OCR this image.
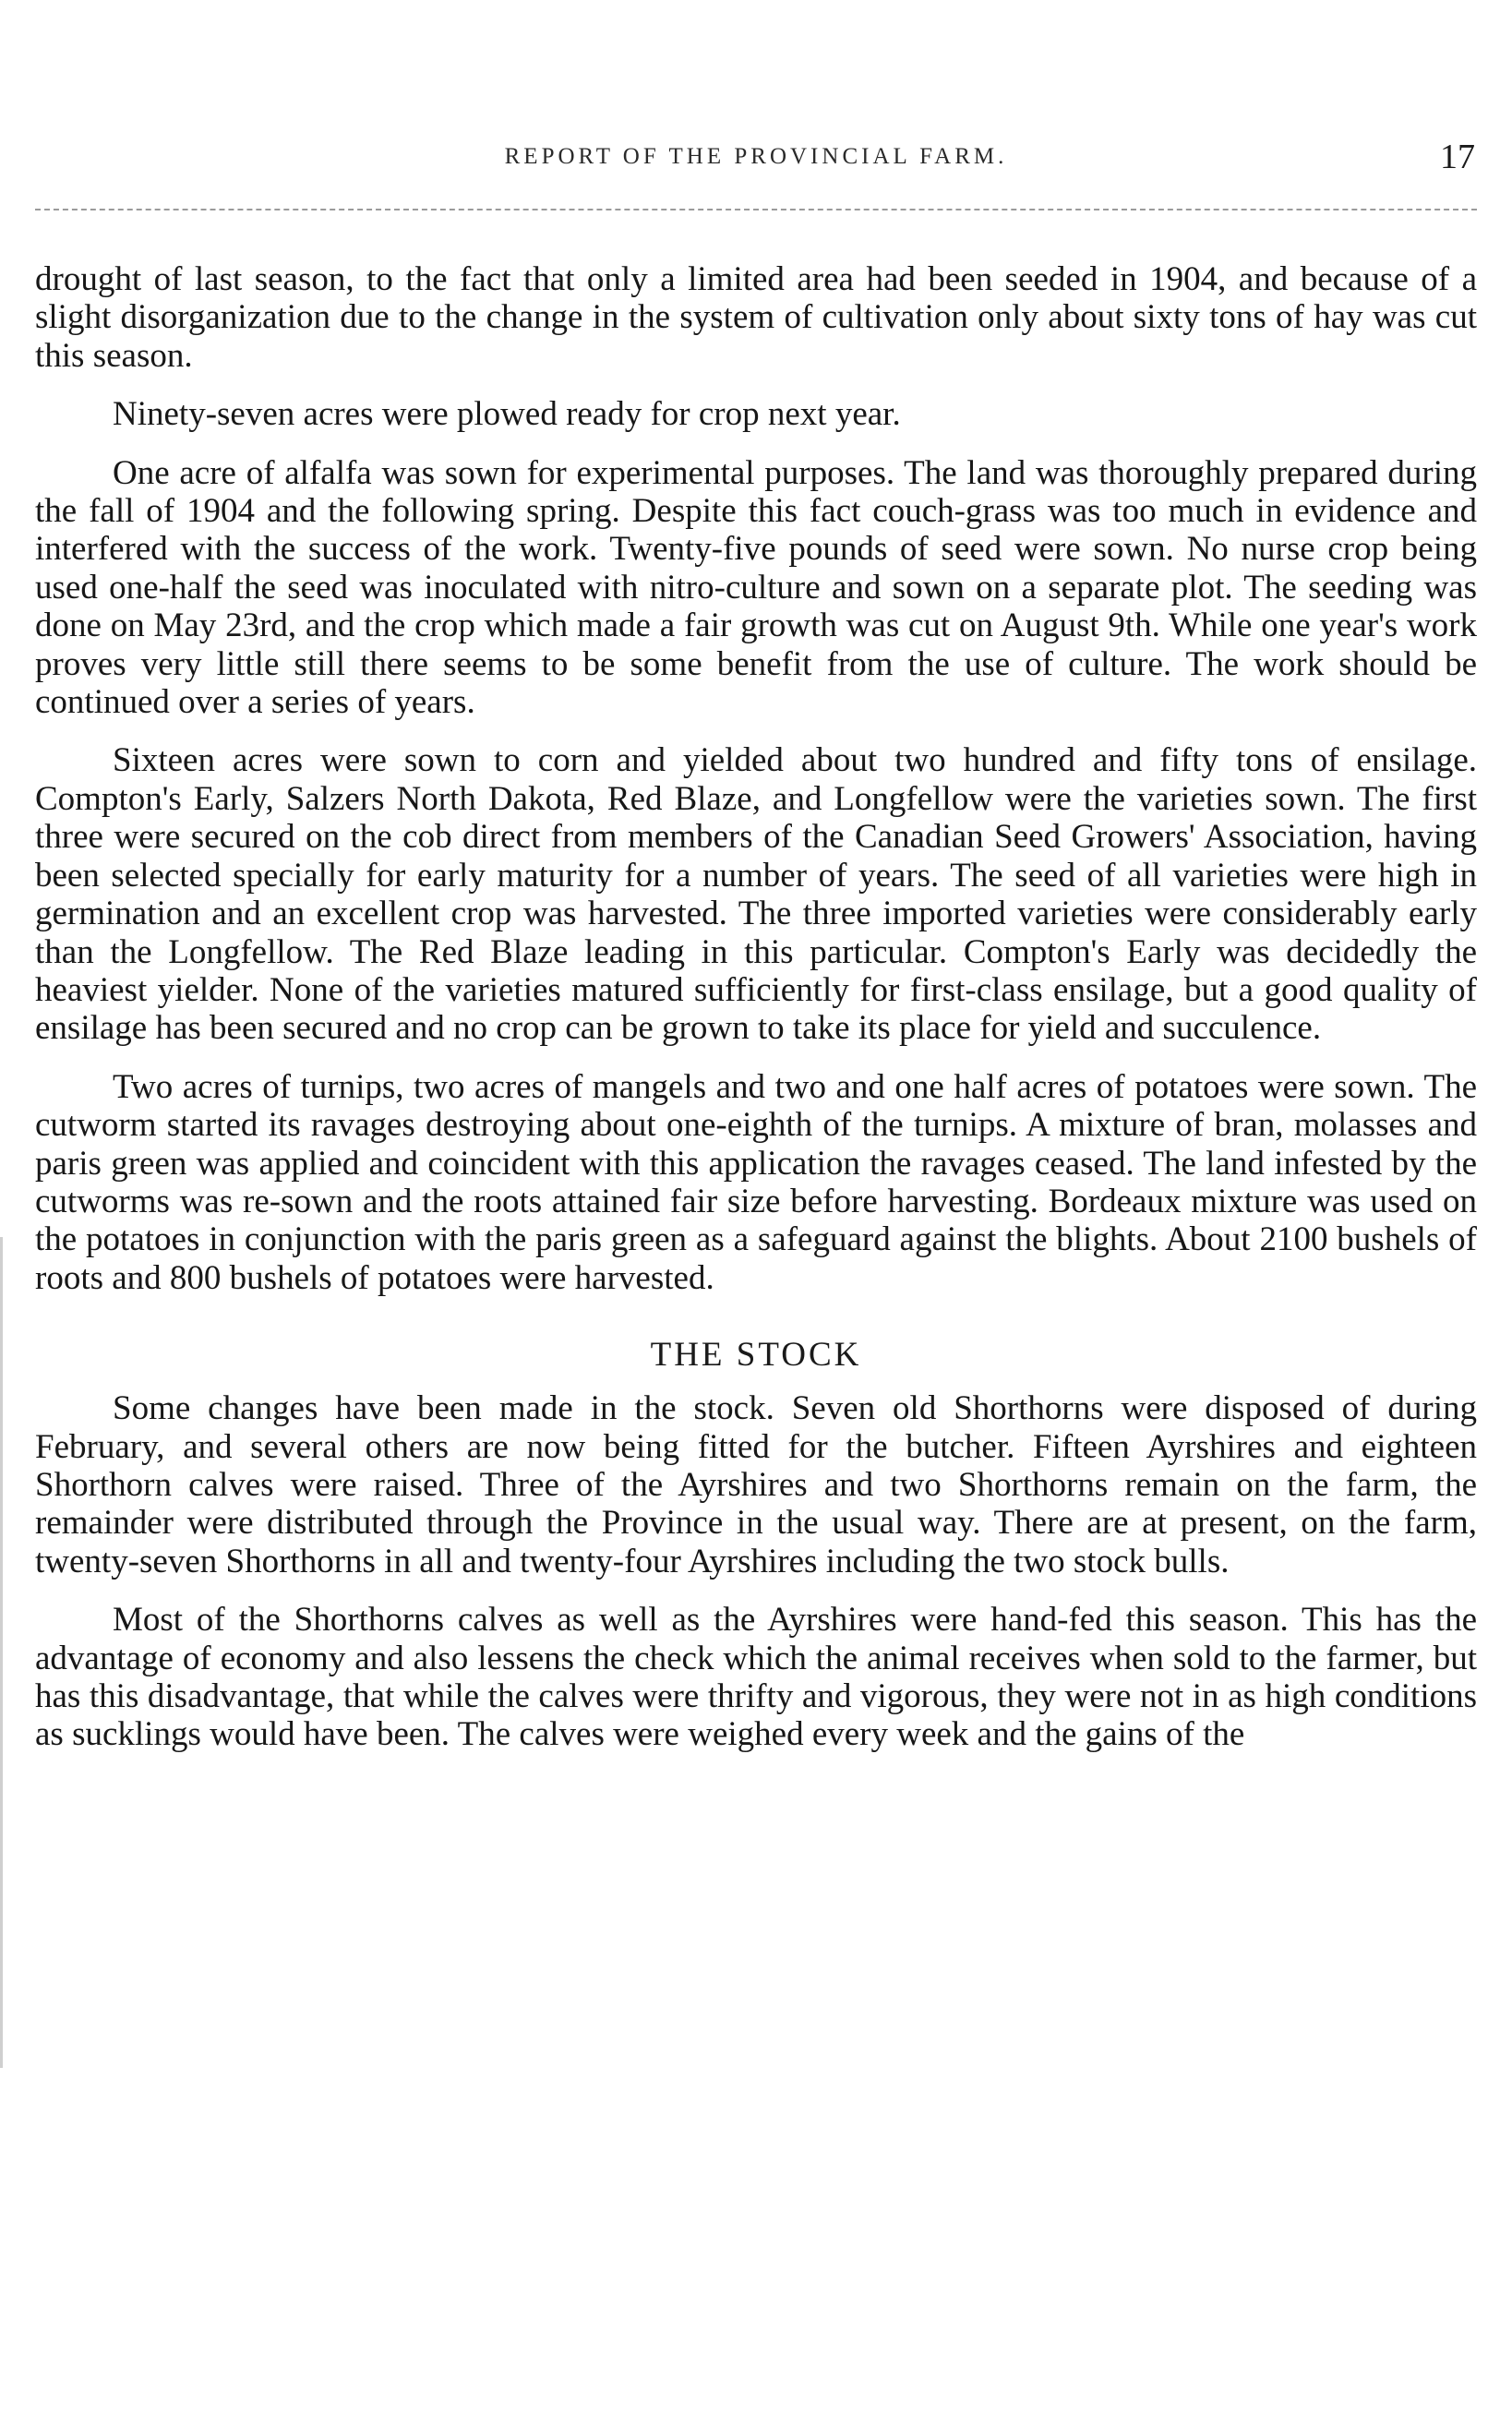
REPORT OF THE PROVINCIAL FARM.	17

drought of last season, to the fact that only a limited area had been seeded in 1904, and because of a slight disorganization due to the change in the system of cultivation only about sixty tons of hay was cut this season.

Ninety-seven acres were plowed ready for crop next year.

One acre of alfalfa was sown for experimental purposes. The land was thoroughly prepared during the fall of 1904 and the following spring. Despite this fact couch-grass was too much in evidence and interfered with the success of the work. Twenty-five pounds of seed were sown. No nurse crop being used one-half the seed was inoculated with nitro-culture and sown on a separate plot. The seeding was done on May 23rd, and the crop which made a fair growth was cut on August 9th. While one year's work proves very little still there seems to be some benefit from the use of culture. The work should be continued over a series of years.

Sixteen acres were sown to corn and yielded about two hundred and fifty tons of ensilage. Compton's Early, Salzers North Dakota, Red Blaze, and Longfellow were the varieties sown. The first three were secured on the cob direct from members of the Canadian Seed Growers' Association, having been selected specially for early maturity for a number of years. The seed of all varieties were high in germination and an excellent crop was harvested. The three imported varieties were considerably early than the Longfellow. The Red Blaze leading in this particular. Compton's Early was decidedly the heaviest yielder. None of the varieties matured sufficiently for first-class ensilage, but a good quality of ensilage has been secured and no crop can be grown to take its place for yield and succulence.

Two acres of turnips, two acres of mangels and two and one half acres of potatoes were sown. The cutworm started its ravages destroying about one-eighth of the turnips. A mixture of bran, molasses and paris green was applied and coincident with this application the ravages ceased. The land infested by the cutworms was re-sown and the roots attained fair size before harvesting. Bordeaux mixture was used on the potatoes in conjunction with the paris green as a safeguard against the blights. About 2100 bushels of roots and 800 bushels of potatoes were harvested.

THE STOCK

Some changes have been made in the stock. Seven old Shorthorns were disposed of during February, and several others are now being fitted for the butcher. Fifteen Ayrshires and eighteen Shorthorn calves were raised. Three of the Ayrshires and two Shorthorns remain on the farm, the remainder were distributed through the Province in the usual way. There are at present, on the farm, twenty-seven Shorthorns in all and twenty-four Ayrshires including the two stock bulls.

Most of the Shorthorns calves as well as the Ayrshires were hand-fed this season. This has the advantage of economy and also lessens the check which the animal receives when sold to the farmer, but has this disadvantage, that while the calves were thrifty and vigorous, they were not in as high conditions as sucklings would have been. The calves were weighed every week and the gains of the
